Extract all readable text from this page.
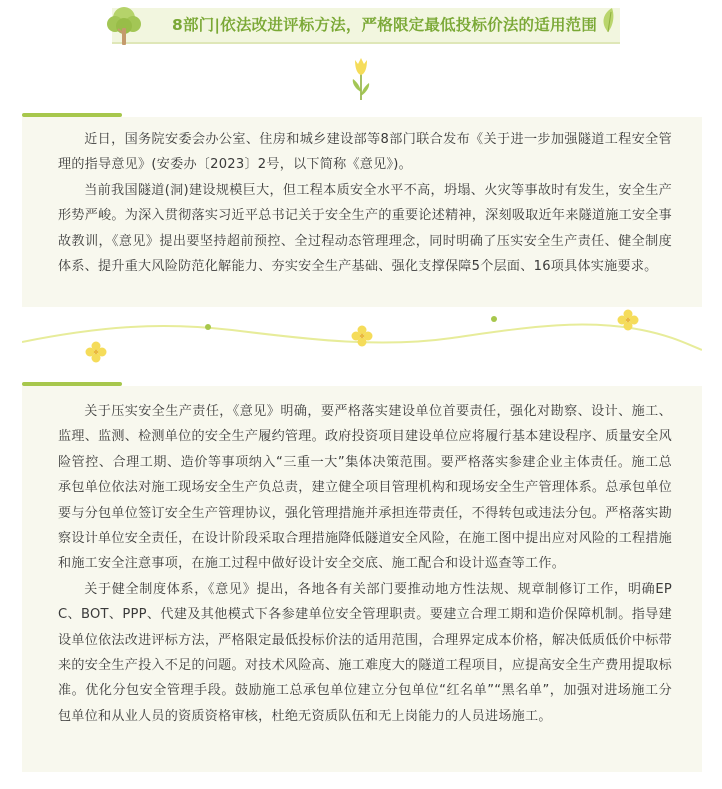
8部门|依法改进评标方法，严格限定最低投标价法的适用范围

近日，国务院安委会办公室、住房和城乡建设部等8部门联合发布《关于进一步加强隧道工程安全管理的指导意见》(安委办〔2023〕2号，以下简称《意见》)。

当前我国隧道(洞)建设规模巨大，但工程本质安全水平不高，坍塌、火灾等事故时有发生，安全生产形势严峻。为深入贯彻落实习近平总书记关于安全生产的重要论述精神，深刻吸取近年来隧道施工安全事故教训，《意见》提出要坚持超前预控、全过程动态管理理念，同时明确了压实安全生产责任、健全制度体系、提升重大风险防范化解能力、夯实安全生产基础、强化支撑保障5个层面、16项具体实施要求。

关于压实安全生产责任，《意见》明确，要严格落实建设单位首要责任，强化对勘察、设计、施工、监理、监测、检测单位的安全生产履约管理。政府投资项目建设单位应将履行基本建设程序、质量安全风险管控、合理工期、造价等事项纳入“三重一大”集体决策范围。要严格落实参建企业主体责任。施工总承包单位依法对施工现场安全生产负总责，建立健全项目管理机构和现场安全生产管理体系。总承包单位要与分包单位签订安全生产管理协议，强化管理措施并承担连带责任，不得转包或违法分包。严格落实勘察设计单位安全责任，在设计阶段采取合理措施降低隧道安全风险，在施工图中提出应对风险的工程措施和施工安全注意事项，在施工过程中做好设计安全交底、施工配合和设计巡查等工作。

关于健全制度体系，《意见》提出，各地各有关部门要推动地方性法规、规章制修订工作，明确EPC、BOT、PPP、代建及其他模式下各参建单位安全管理职责。要建立合理工期和造价保障机制。指导建设单位依法改进评标方法，严格限定最低投标价法的适用范围，合理界定成本价格，解决低质低价中标带来的安全生产投入不足的问题。对技术风险高、施工难度大的隧道工程项目，应提高安全生产费用提取标准。优化分包安全管理手段。鼓励施工总承包单位建立分包单位“红名单”“黑名单”，加强对进场施工分包单位和从业人员的资质资格审核，杜绝无资质队伍和无上岗能力的人员进场施工。
